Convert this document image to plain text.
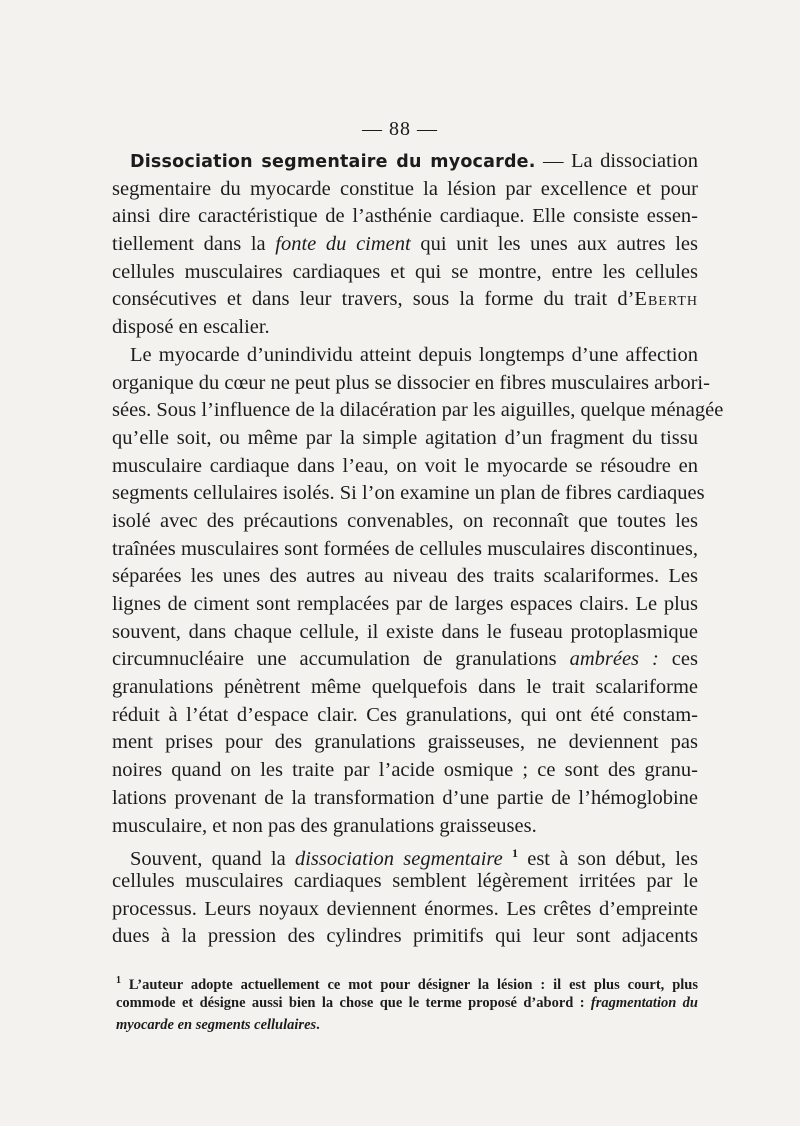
— 88 —
Dissociation segmentaire du myocarde. — La dissociation
segmentaire du myocarde constitue la lésion par excellence et pour
ainsi dire caractéristique de l’asthénie cardiaque. Elle consiste essen-
tiellement dans la fonte du ciment qui unit les unes aux autres les
cellules musculaires cardiaques et qui se montre, entre les cellules
consécutives et dans leur travers, sous la forme du trait d’Eberth
disposé en escalier.
Le myocarde d’unindividu atteint depuis longtemps d’une affection
organique du cœur ne peut plus se dissocier en fibres musculaires arbori-
sées. Sous l’influence de la dilacération par les aiguilles, quelque ménagée
qu’elle soit, ou même par la simple agitation d’un fragment du tissu
musculaire cardiaque dans l’eau, on voit le myocarde se résoudre en
segments cellulaires isolés. Si l’on examine un plan de fibres cardiaques
isolé avec des précautions convenables, on reconnaît que toutes les
traînées musculaires sont formées de cellules musculaires discontinues,
séparées les unes des autres au niveau des traits scalariformes. Les
lignes de ciment sont remplacées par de larges espaces clairs. Le plus
souvent, dans chaque cellule, il existe dans le fuseau protoplasmique
circumnucléaire une accumulation de granulations ambrées : ces
granulations pénètrent même quelquefois dans le trait scalariforme
réduit à l’état d’espace clair. Ces granulations, qui ont été constam-
ment prises pour des granulations graisseuses, ne deviennent pas
noires quand on les traite par l’acide osmique ; ce sont des granu-
lations provenant de la transformation d’une partie de l’hémoglobine
musculaire, et non pas des granulations graisseuses.
Souvent, quand la dissociation segmentaire $^1$ est à son début, les
cellules musculaires cardiaques semblent légèrement irritées par le
processus. Leurs noyaux deviennent énormes. Les crêtes d’empreinte
dues à la pression des cylindres primitifs qui leur sont adjacents
$^1$ L’auteur adopte actuellement ce mot pour désigner la lésion : il est plus court, plus
commode et désigne aussi bien la chose que le terme proposé d’abord : fragmentation du
myocarde en segments cellulaires.
